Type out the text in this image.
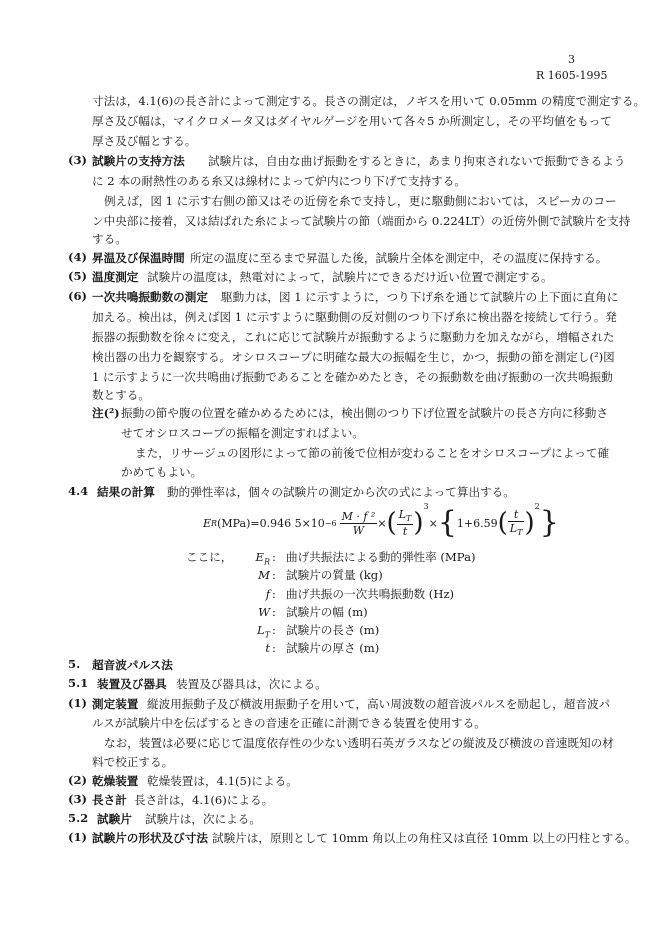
3
R 1605-1995
寸法は，4.1(6)の長さ計によって測定する。長さの測定は，ノギスを用いて 0.05mm の精度で測定する。
厚さ及び幅は，マイクロメータ又はダイヤルゲージを用いて各々5 か所測定し，その平均値をもって
厚さ及び幅とする。
(3) 試験片の支持方法 試験片は，自由な曲げ振動をするときに，あまり拘束されないで振動できるよう
に 2 本の耐熱性のある糸又は線材によって炉内につり下げて支持する。
例えば，図 1 に示す右側の節又はその近傍を糸で支持し，更に駆動側においては，スピーカのコー
ン中央部に接着，又は結ばれた糸によって試験片の節（端面から 0.224LT）の近傍外側で試験片を支持
する。
(4) 昇温及び保温時間 所定の温度に至るまで昇温した後，試験片全体を測定中，その温度に保持する。
(5) 温度測定 試験片の温度は，熱電対によって，試験片にできるだけ近い位置で測定する。
(6) 一次共鳴振動数の測定 駆動力は，図 1 に示すように，つり下げ糸を通じて試験片の上下面に直角に
加える。検出は，例えば図 1 に示すように駆動側の反対側のつり下げ糸に検出器を接続して行う。発
振器の振動数を徐々に変え，これに応じて試験片が振動するように駆動力を加えながら，増幅された
検出器の出力を観察する。オシロスコープに明確な最大の振幅を生じ，かつ，振動の節を測定し(²)図
1 に示すように一次共鳴曲げ振動であることを確かめたとき，その振動数を曲げ振動の一次共鳴振動
数とする。
注(²) 振動の節や腹の位置を確かめるためには，検出側のつり下げ位置を試験片の長さ方向に移動さ
せてオシロスコープの振幅を測定すればよい。
また，リサージュの図形によって節の前後で位相が変わることをオシロスコープによって確
かめてもよい。
4.4 結果の計算 動的弾性率は，個々の試験片の測定から次の式によって算出する。
E R (MPa)=0.946 $5\times 10 -6 \frac{\text{M · f ²}}{W}$ × ( $\frac{L_T}{t}$ )
$^3$
× { 1+6.59 ( $\frac{t}{L_T}$ )
$^2$ }
ここに， $E_R$ : 曲げ共振法による動的弾性率 (MPa)
M : 試験片の質量 (kg)
f : 曲げ共振の一次共鳴振動数 (Hz)
W : 試験片の幅 (m)
$L_T$ : 試験片の長さ (m)
t : 試験片の厚さ (m)
5. 超音波パルス法
5.1 装置及び器具 装置及び器具は，次による。
(1) 測定装置 縦波用振動子及び横波用振動子を用いて，高い周波数の超音波パルスを励起し，超音波パ
ルスが試験片中を伝ばするときの音速を正確に計測できる装置を使用する。
なお，装置は必要に応じて温度依存性の少ない透明石英ガラスなどの縦波及び横波の音速既知の材
料で校正する。
(2) 乾燥装置 乾燥装置は，4.1(5)による。
(3) 長さ計 長さ計は，4.1(6)による。
5.2 試験片 試験片は，次による。
(1) 試験片の形状及び寸法 試験片は，原則として 10mm 角以上の角柱又は直径 10mm 以上の円柱とする。
